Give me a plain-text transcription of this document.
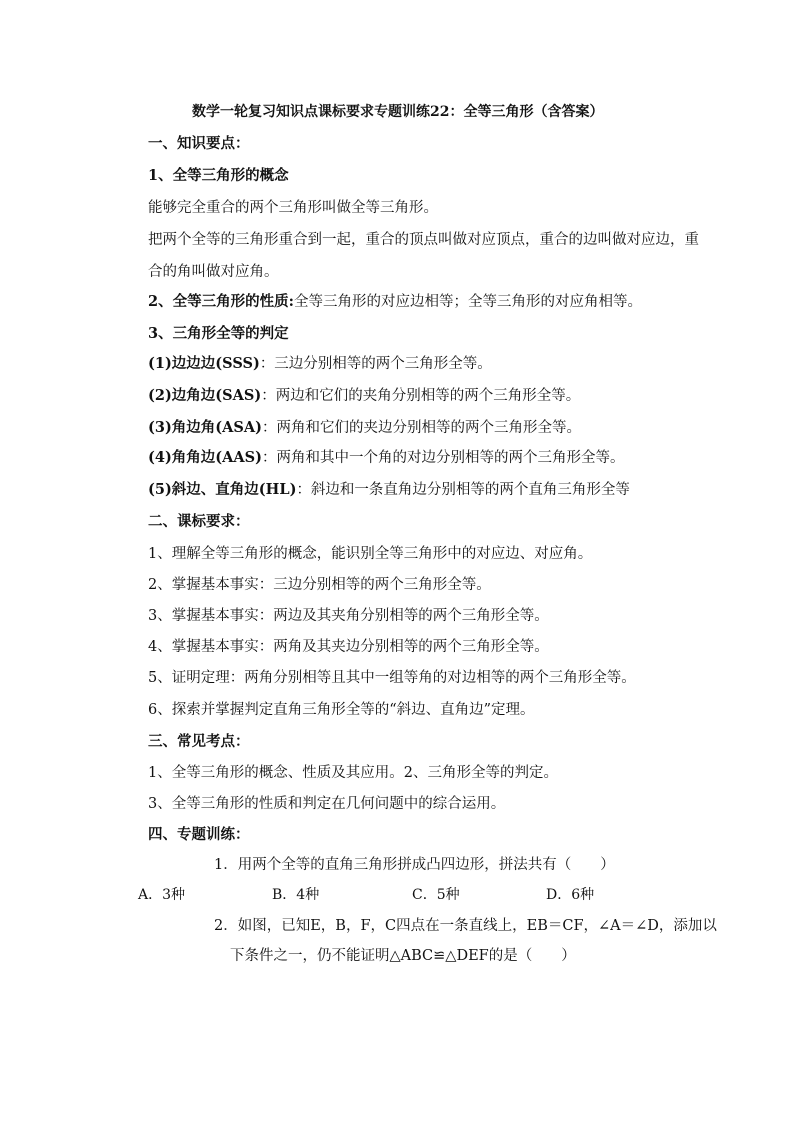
数学一轮复习知识点课标要求专题训练22：全等三角形（含答案）
一、知识要点：
1、全等三角形的概念
能够完全重合的两个三角形叫做全等三角形。
把两个全等的三角形重合到一起，重合的顶点叫做对应顶点，重合的边叫做对应边，重
合的角叫做对应角。
2、全等三角形的性质:全等三角形的对应边相等；全等三角形的对应角相等。
3、三角形全等的判定
(1)边边边(SSS)：三边分别相等的两个三角形全等。
(2)边角边(SAS)：两边和它们的夹角分别相等的两个三角形全等。
(3)角边角(ASA)：两角和它们的夹边分别相等的两个三角形全等。
(4)角角边(AAS)：两角和其中一个角的对边分别相等的两个三角形全等。
(5)斜边、直角边(HL)：斜边和一条直角边分别相等的两个直角三角形全等
二、课标要求：
1、理解全等三角形的概念，能识别全等三角形中的对应边、对应角。
2、掌握基本事实：三边分别相等的两个三角形全等。
3、掌握基本事实：两边及其夹角分别相等的两个三角形全等。
4、掌握基本事实：两角及其夹边分别相等的两个三角形全等。
5、证明定理：两角分别相等且其中一组等角的对边相等的两个三角形全等。
6、探索并掌握判定直角三角形全等的“斜边、直角边”定理。
三、常见考点：
1、全等三角形的概念、性质及其应用。2、三角形全等的判定。
3、全等三角形的性质和判定在几何问题中的综合运用。
四、专题训练：
1．用两个全等的直角三角形拼成凸四边形，拼法共有（　　）
A．3种	B．4种	C．5种	D．6种
2．如图，已知E，B，F，C四点在一条直线上，EB＝CF，∠A＝∠D，添加以
下条件之一，仍不能证明△ABC≌△DEF的是（　　）
